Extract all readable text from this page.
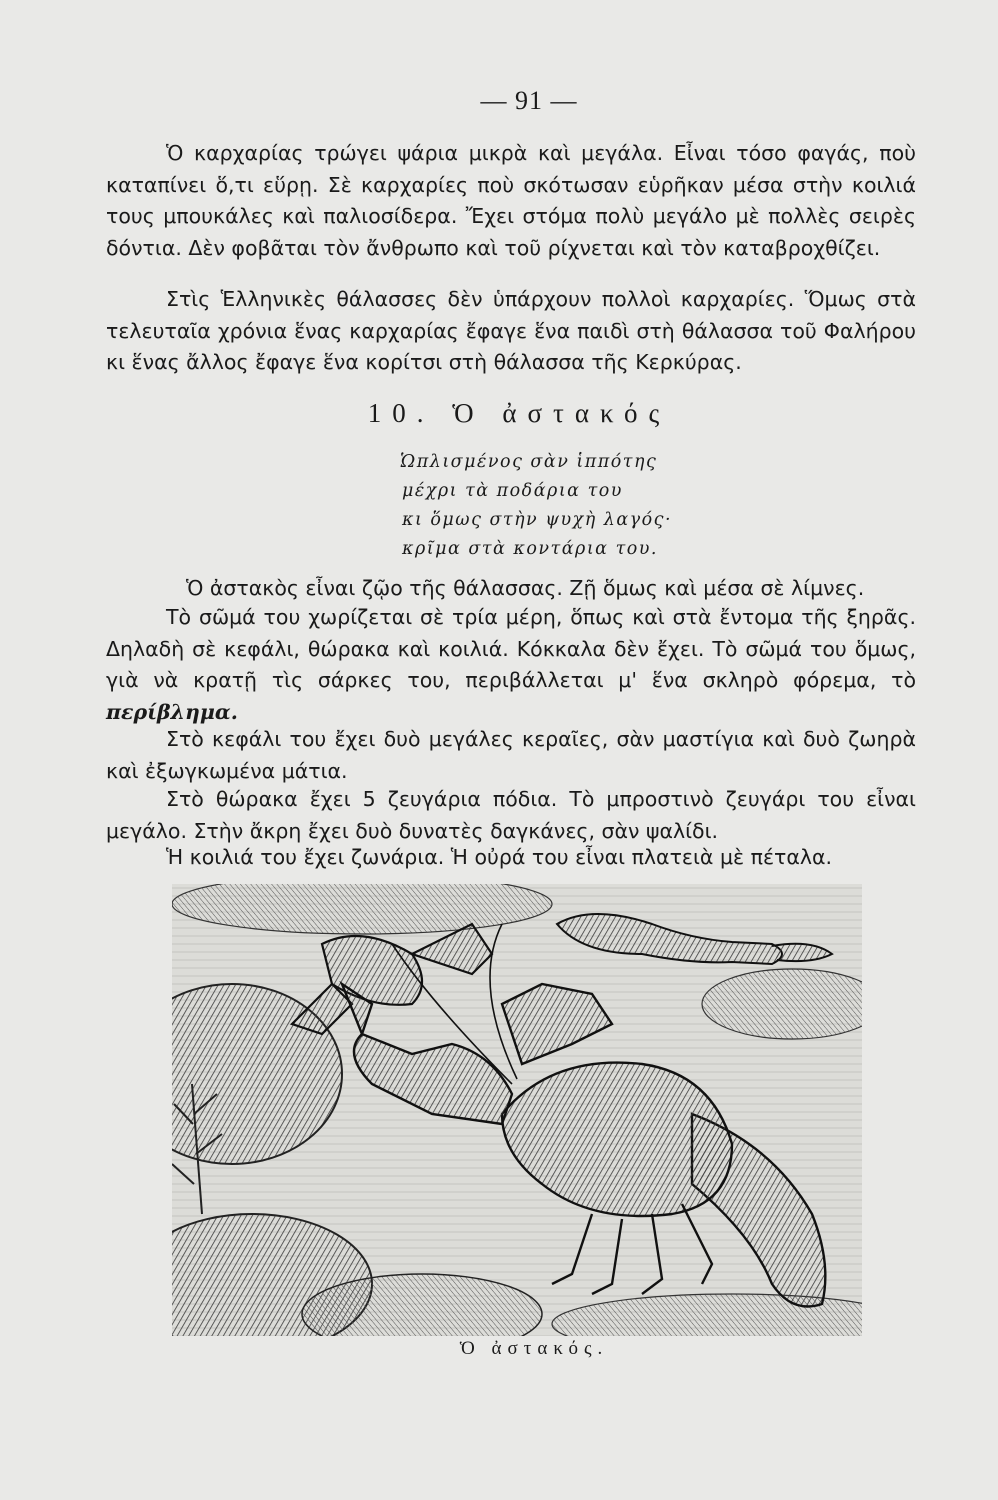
— 91 —

Ὁ καρχαρίας τρώγει ψάρια μικρὰ καὶ μεγάλα. Εἶναι τόσο φαγάς, ποὺ καταπίνει ὅ,τι εὕρῃ. Σὲ καρχαρίες ποὺ σκότωσαν εὑρῆκαν μέσα στὴν κοιλιά τους μπουκάλες καὶ παλιοσίδερα. Ἔχει στόμα πολὺ μεγάλο μὲ πολλὲς σειρὲς δόντια. Δὲν φοβᾶται τὸν ἄνθρωπο καὶ τοῦ ρίχνεται καὶ τὸν καταβροχθίζει.

Στὶς Ἑλληνικὲς θάλασσες δὲν ὑπάρχουν πολλοὶ καρχαρίες. Ὅμως στὰ τελευταῖα χρόνια ἕνας καρχαρίας ἔφαγε ἕνα παιδὶ στὴ θάλασσα τοῦ Φαλήρου κι ἕνας ἄλλος ἔφαγε ἕνα κορίτσι στὴ θάλασσα τῆς Κερκύρας.

10. Ὁ ἀστακός
Ὡπλισμένος σὰν ἱππότης
μέχρι τὰ ποδάρια του
κι ὅμως στὴν ψυχὴ λαγός·
κρῖμα στὰ κοντάρια του.

Ὁ ἀστακὸς εἶναι ζῷο τῆς θάλασσας. Ζῇ ὅμως καὶ μέσα σὲ λίμνες.

Τὸ σῶμά του χωρίζεται σὲ τρία μέρη, ὅπως καὶ στὰ ἔντομα τῆς ξηρᾶς. Δηλαδὴ σὲ κεφάλι, θώρακα καὶ κοιλιά. Κόκκαλα δὲν ἔχει. Τὸ σῶμά του ὅμως, γιὰ νὰ κρατῇ τὶς σάρκες του, περιβάλλεται μ' ἕνα σκληρὸ φόρεμα, τὸ περίβλημα.

Στὸ κεφάλι του ἔχει δυὸ μεγάλες κεραῖες, σὰν μαστίγια καὶ δυὸ ζωηρὰ καὶ ἐξωγκωμένα μάτια.

Στὸ θώρακα ἔχει 5 ζευγάρια πόδια. Τὸ μπροστινὸ ζευγάρι του εἶναι μεγάλο. Στὴν ἄκρη ἔχει δυὸ δυνατὲς δαγκάνες, σὰν ψαλίδι.

Ἡ κοιλιά του ἔχει ζωνάρια. Ἡ οὐρά του εἶναι πλατειὰ μὲ πέταλα.

Ὁ ἀστακός.
